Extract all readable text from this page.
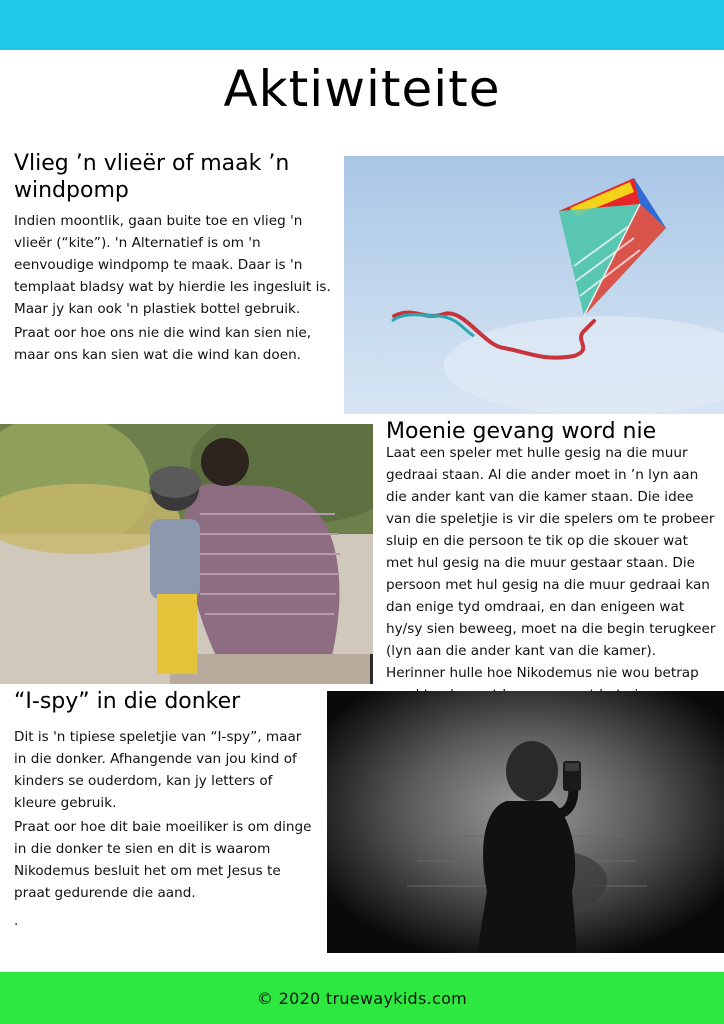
Aktiwiteite
Vlieg ’n vlieër of maak ’n windpomp

Indien moontlik, gaan buite toe en vlieg 'n vlieër (“kite”). 'n Alternatief is om 'n eenvoudige windpomp te maak. Daar is 'n templaat bladsy wat by hierdie les ingesluit is. Maar jy kan ook 'n plastiek bottel gebruik.

Praat oor hoe ons nie die wind kan sien nie, maar ons kan sien wat die wind kan doen.

Moenie gevang word nie

Laat een speler met hulle gesig na die muur gedraai staan. Al die ander moet in ’n lyn aan die ander kant van die kamer staan. Die idee van die speletjie is vir die spelers om te probeer sluip en die persoon te tik op die skouer wat met hul gesig na die muur gestaar staan. Die persoon met hul gesig na die muur gedraai kan dan enige tyd omdraai, en dan enigeen wat hy/sy sien beweeg, moet na die begin terugkeer (lyn aan die ander kant van die kamer). Herinner hulle hoe Nikodemus nie wou betrap

“I-spy” in die donker

Dit is 'n tipiese speletjie van “I-spy”, maar in die donker. Afhangende van jou kind of kinders se ouderdom, kan jy letters of kleure gebruik.

Praat oor hoe dit baie moeiliker is om dinge in die donker te sien en dit is waarom Nikodemus besluit het om met Jesus te praat gedurende die aand.

.

© 2020 truewaykids.com
